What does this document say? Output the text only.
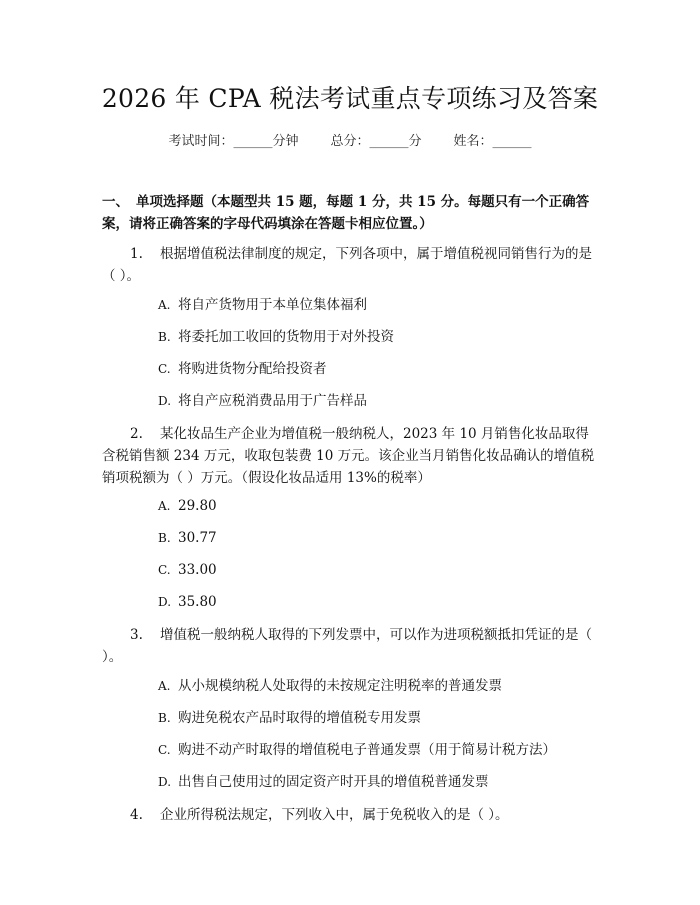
2026 年 CPA 税法考试重点专项练习及答案
考试时间：______分钟 总分：______分 姓名：______
一、 单项选择题（本题型共 15 题，每题 1 分，共 15 分。每题只有一个正确答案，请将正确答案的字母代码填涂在答题卡相应位置。）
1. 根据增值税法律制度的规定，下列各项中，属于增值税视同销售行为的是（ ）。
A. 将自产货物用于本单位集体福利
B. 将委托加工收回的货物用于对外投资
C. 将购进货物分配给投资者
D. 将自产应税消费品用于广告样品
2. 某化妆品生产企业为增值税一般纳税人，2023 年 10 月销售化妆品取得含税销售额 234 万元，收取包装费 10 万元。该企业当月销售化妆品确认的增值税销项税额为（ ）万元。（假设化妆品适用 13%的税率）
A. 29.80
B. 30.77
C. 33.00
D. 35.80
3. 增值税一般纳税人取得的下列发票中，可以作为进项税额抵扣凭证的是（ ）。
A. 从小规模纳税人处取得的未按规定注明税率的普通发票
B. 购进免税农产品时取得的增值税专用发票
C. 购进不动产时取得的增值税电子普通发票（用于简易计税方法）
D. 出售自己使用过的固定资产时开具的增值税普通发票
4. 企业所得税法规定，下列收入中，属于免税收入的是（ ）。
